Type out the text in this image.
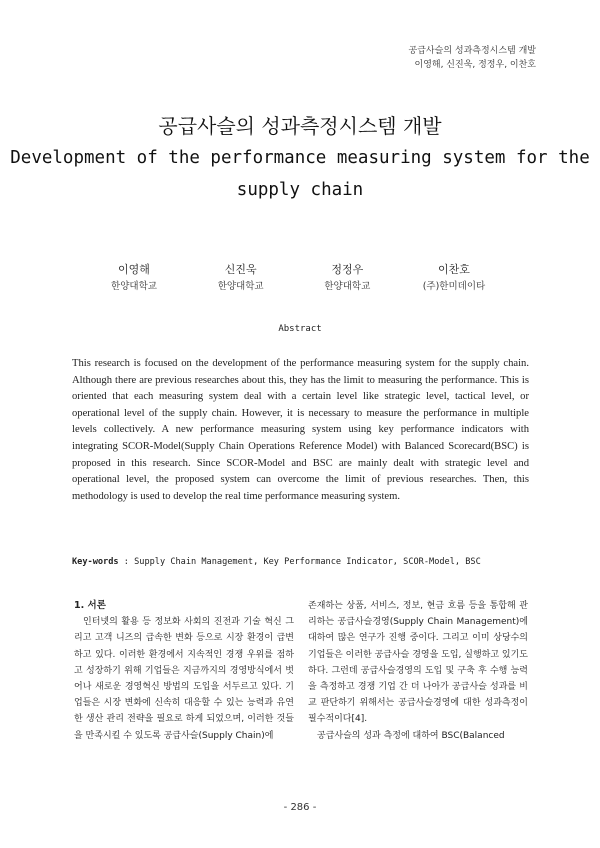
공급사슬의 성과측정시스템 개발
이영해, 신진욱, 정정우, 이찬호
공급사슬의 성과측정시스템 개발
Development of the performance measuring system for the supply chain
이영해
한양대학교
신진욱
한양대학교
정정우
한양대학교
이찬호
(주)한미데이타
Abstract

This research is focused on the development of the performance measuring system for the supply chain. Although there are previous researches about this, they has the limit to measuring the performance. This is oriented that each measuring system deal with a certain level like strategic level, tactical level, or operational level of the supply chain. However, it is necessary to measure the performance in multiple levels collectively. A new performance measuring system using key performance indicators with integrating SCOR-Model(Supply Chain Operations Reference Model) with Balanced Scorecard(BSC) is proposed in this research. Since SCOR-Model and BSC are mainly dealt with strategic level and operational level, the proposed system can overcome the limit of previous researches. Then, this methodology is used to develop the real time performance measuring system.

Key-words : Supply Chain Management, Key Performance Indicator, SCOR-Model, BSC

1. 서론

인터넷의 활용 등 정보화 사회의 진전과 기술 혁신 그리고 고객 니즈의 급속한 변화 등으로 시장 환경이 급변하고 있다. 이러한 환경에서 지속적인 경쟁 우위를 점하고 성장하기 위해 기업들은 지금까지의 경영방식에서 벗어나 새로운 경영혁신 방법의 도입을 서두르고 있다. 기업들은 시장 변화에 신속히 대응할 수 있는 능력과 유연한 생산 관리 전략을 필요로 하게 되었으며, 이러한 것들을 만족시킬 수 있도록 공급사슬(Supply Chain)에

존재하는 상품, 서비스, 정보, 현금 흐름 등을 통합해 관리하는 공급사슬경영(Supply Chain Management)에 대하여 많은 연구가 진행 중이다. 그리고 이미 상당수의 기업들은 이러한 공급사슬 경영을 도입, 실행하고 있기도 하다. 그런데 공급사슬경영의 도입 및 구축 후 수행 능력을 측정하고 경쟁 기업 간 더 나아가 공급사슬 성과를 비교 판단하기 위해서는 공급사슬경영에 대한 성과측정이 필수적이다[4].

공급사슬의 성과 측정에 대하여 BSC(Balanced

- 286 -
